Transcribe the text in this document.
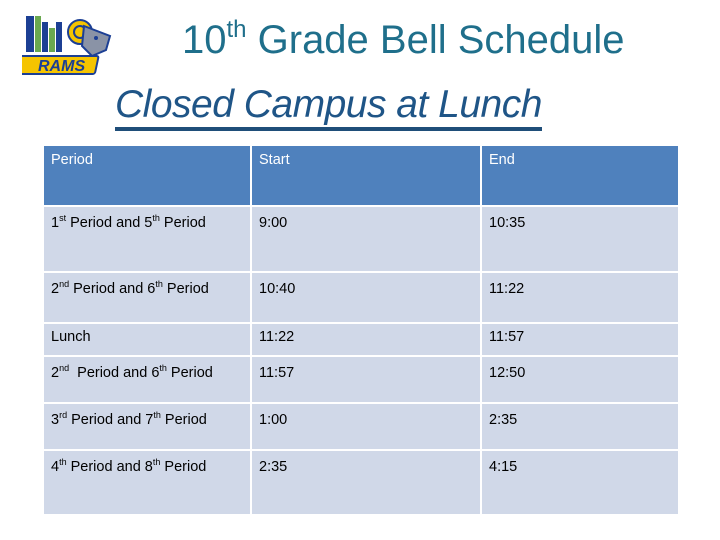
RAMS
10th Grade Bell Schedule
Closed Campus at Lunch
Period	Start	End
1st Period and 5th Period	9:00	10:35
2nd Period and 6th Period	10:40	11:22
Lunch	11:22	11:57
2nd  Period and 6th Period	11:57	12:50
3rd Period and 7th Period	1:00	2:35
4th Period and 8th Period	2:35	4:15
